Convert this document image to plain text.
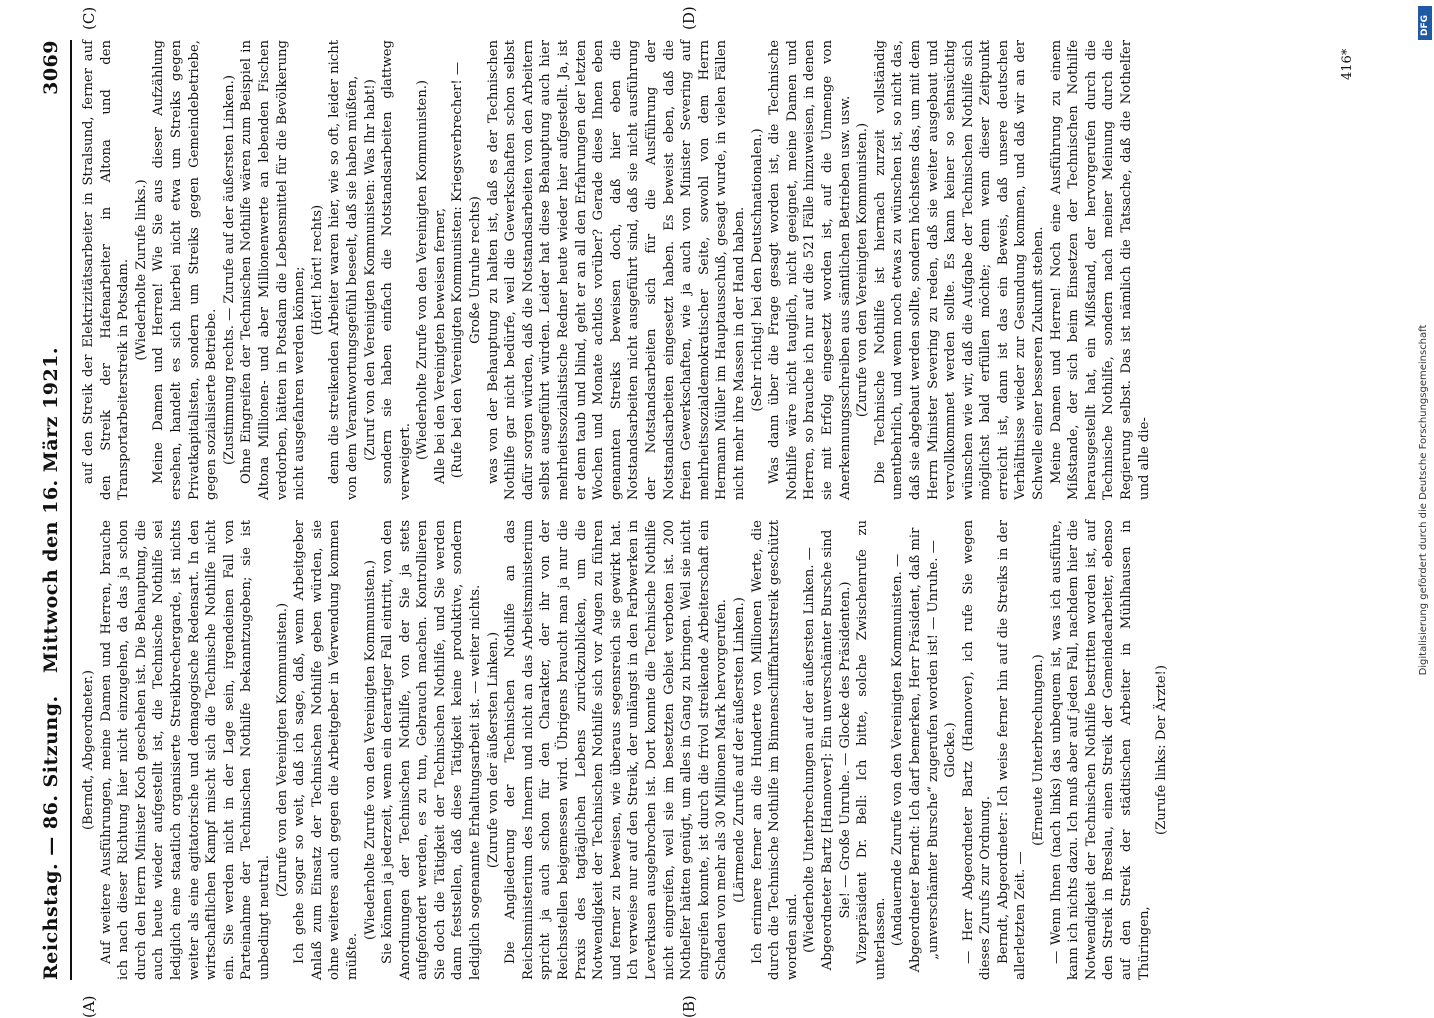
Reichstag. — 86. Sitzung.
Mittwoch den 16. März 1921.
3069

(Berndt, Abgeordneter.) Auf weitere Ausführungen, meine Damen und Herren, brauche ich nach dieser Richtung hier nicht einzugehen, da das ja schon durch den Herrn Minister Koch geschehen ist. Die Behauptung, die auch heute wieder aufgestellt ist, die Technische Nothilfe sei lediglich eine staatlich organisierte Streikbrechergarde, ist nichts weiter als eine agitatorische und demagogische Redensart. In den wirtschaftlichen Kampf mischt sich die Technische Nothilfe nicht ein. Sie werden nicht in der Lage sein, irgendeinen Fall von Parteinahme der Technischen Nothilfe bekanntzugeben; sie ist unbedingt neutral.

(Zurufe von den Vereinigten Kommunisten.) Ich gehe sogar so weit, daß ich sage, daß, wenn Arbeitgeber Anlaß zum Einsatz der Technischen Nothilfe geben würden, sie ohne weiteres auch gegen die Arbeitgeber in Verwendung kommen müßte.

(Wiederholte Zurufe von den Vereinigten Kommunisten.) Sie können ja jederzeit, wenn ein derartiger Fall eintritt, von den Anordnungen der Technischen Nothilfe, von der Sie ja stets aufgefordert werden, es zu tun, Gebrauch machen. Kontrollieren Sie doch die Tätigkeit der Technischen Nothilfe, und Sie werden dann feststellen, daß diese Tätigkeit keine produktive, sondern lediglich sogenannte Erhaltungsarbeit ist. — weiter nichts. (Zurufe von der äußersten Linken.) Die Angliederung der Technischen Nothilfe an das Reichsministerium des Innern und nicht an das Arbeitsministerium spricht ja auch schon für den Charakter, der ihr von der Reichsstellen beigemessen wird. Übrigens braucht man ja nur die Praxis des tagtäglichen Lebens zurückzublicken, um die Notwendigkeit der Technischen Nothilfe sich vor Augen zu führen und ferner zu beweisen, wie überaus segensreich sie gewirkt hat. Ich verweise nur auf den Streik, der unlängst in den Farbwerken in Leverkusen ausgebrochen ist. Dort konnte die Technische Nothilfe nicht eingreifen, weil sie im besetzten Gebiet verboten ist. 200 Nothelfer hätten genügt, um alles in Gang zu bringen. Weil sie nicht eingreifen konnte, ist durch die frivol streikende Arbeiterschaft ein Schaden von mehr als 30 Millionen Mark hervorgerufen. (Lärmende Zurufe auf der äußersten Linken.) Ich erinnere ferner an die Hunderte von Millionen Werte, die durch die Technische Nothilfe im Binnenschifffahrtsstreik geschützt worden sind. (Wiederholte Unterbrechungen auf der äußersten Linken. — Abgeordneter Bartz [Hannover]: Ein unverschämter Bursche sind Sie! — Große Unruhe. — Glocke des Präsidenten.) Vizepräsident Dr. Bell: Ich bitte, solche Zwischenrufe zu unterlassen. (Andauernde Zurufe von den Vereinigten Kommunisten. — Abgeordneter Berndt: Ich darf bemerken, Herr Präsident, daß mir „unverschämter Bursche“ zugerufen worden ist! — Unruhe. — Glocke.) — Herr Abgeordneter Bartz (Hannover), ich rufe Sie wegen dieses Zurufs zur Ordnung. Berndt, Abgeordneter: Ich weise ferner hin auf die Streiks in der allerletzten Zeit. —

(Erneute Unterbrechungen.) — Wenn Ihnen (nach links) das unbequem ist, was ich ausführe, kann ich nichts dazu. Ich muß aber auf jeden Fall, nachdem hier die Notwendigkeit der Technischen Nothilfe bestritten worden ist, auf den Streik in Breslau, einen Streik der Gemeindearbeiter, ebenso auf den Streik der städtischen Arbeiter in Mühlhausen in Thüringen,

(Zurufe links: Der Ärzte!)

auf den Streik der Elektrizitätsarbeiter in Stralsund, ferner auf den Streik der Hafenarbeiter in Altona und den Transportarbeiterstreik in Potsdam. (Wiederholte Zurufe links.) Meine Damen und Herren! Wie Sie aus dieser Aufzählung ersehen, handelt es sich hierbei nicht etwa um Streiks gegen Privatkapitalisten, sondern um Streiks gegen Gemeindebetriebe, gegen sozialisierte Betriebe. (Zustimmung rechts. — Zurufe auf der äußersten Linken.) Ohne Eingreifen der Technischen Nothilfe wären zum Beispiel in Altona Millionen- und aber Millionenwerte an lebenden Fischen verdorben, hätten in Potsdam die Lebensmittel für die Bevölkerung nicht ausgefahren werden können; (Hört! hört! rechts) denn die streikenden Arbeiter waren hier, wie so oft, leider nicht von dem Verantwortungsgefühl beseelt, daß sie haben müßten, (Zuruf von den Vereinigten Kommunisten: Was Ihr habt!) sondern sie haben einfach die Notstandsarbeiten glattweg verweigert.

(Wiederholte Zurufe von den Vereinigten Kommunisten.) Alle bei den Vereinigten beweisen ferner, (Rufe bei den Vereinigten Kommunisten: Kriegsverbrecher! — Große Unruhe rechts) was von der Behauptung zu halten ist, daß es der Technischen Nothilfe gar nicht bedürfe, weil die Gewerkschaften schon selbst dafür sorgen würden, daß die Notstandsarbeiten von den Arbeitern selbst ausgeführt würden. Leider hat diese Behauptung auch hier mehrheitssozialistische Redner heute wieder hier aufgestellt. Ja, ist er denn taub und blind, geht er an all den Erfahrungen der letzten Wochen und Monate achtlos vorüber? Gerade diese Ihnen eben genannten Streiks beweisen doch, daß hier eben die Notstandsarbeiten nicht ausgeführt sind, daß sie nicht ausführung der Notstandsarbeiten sich für die Ausführung der Notstandsarbeiten eingesetzt haben. Es beweist eben, daß die freien Gewerkschaften, wie ja auch von Minister Severing auf mehrheitssozialdemokratischer Seite, sowohl von dem Herrn Hermann Müller im Hauptausschuß, gesagt wurde, in vielen Fällen nicht mehr ihre Massen in der Hand haben. (Sehr richtig! bei den Deutschnationalen.) Was dann über die Frage gesagt worden ist, die Technische Nothilfe wäre nicht tauglich, nicht geeignet, meine Damen und Herren, so brauche ich nur auf die 521 Fälle hinzuweisen, in denen sie mit Erfolg eingesetzt worden ist, auf die Unmenge von Anerkennungsschreiben aus sämtlichen Betrieben usw. usw. (Zurufe von den Vereinigten Kommunisten.) Die Technische Nothilfe ist hiernach zurzeit vollständig unentbehrlich, und wenn noch etwas zu wünschen ist, so nicht das, daß sie abgebaut werden sollte, sondern höchstens das, um mit dem Herrn Minister Severing zu reden, daß sie weiter ausgebaut und vervollkommnet werden sollte. Es kann keiner so sehnsüchtig wünschen wie wir, daß die Aufgabe der Technischen Nothilfe sich möglichst bald erfüllen möchte; denn wenn dieser Zeitpunkt erreicht ist, dann ist das ein Beweis, daß unsere deutschen Verhältnisse wieder zur Gesundung kommen, und daß wir an der Schwelle einer besseren Zukunft stehen. Meine Damen und Herren! Noch eine Ausführung zu einem Mißstande, der sich beim Einsetzen der Technischen Nothilfe herausgestellt hat, ein Mißstand, der hervorgerufen durch die Technische Nothilfe, sondern nach meiner Meinung durch die Regierung selbst. Das ist nämlich die Tatsache, daß die Nothelfer und alle die-

(A)	(B)
(C)	(D)
416*
Digitalisierung gefördert durch die Deutsche Forschungsgemeinschaft
DFG
